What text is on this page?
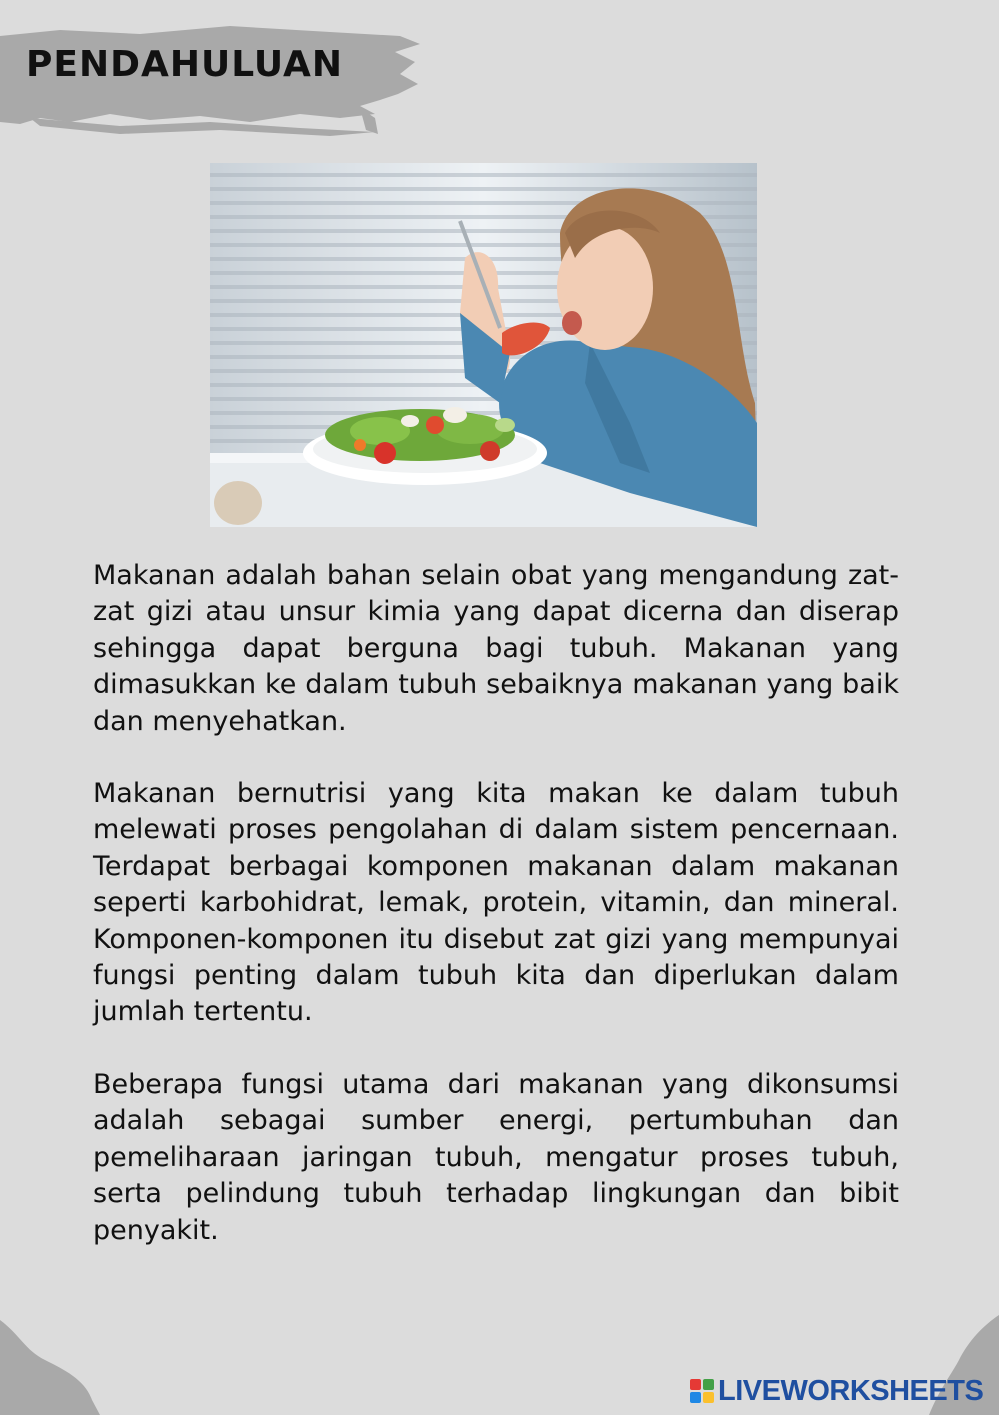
PENDAHULUAN

Makanan adalah bahan selain obat yang mengandung zat-zat gizi atau unsur kimia yang dapat dicerna dan diserap sehingga dapat berguna bagi tubuh. Makanan yang dimasukkan ke dalam tubuh sebaiknya makanan yang baik dan menyehatkan.

Makanan bernutrisi yang kita makan ke dalam tubuh melewati proses pengolahan di dalam sistem pencernaan. Terdapat berbagai komponen makanan dalam makanan seperti karbohidrat, lemak, protein, vitamin, dan mineral. Komponen-komponen itu disebut zat gizi yang mempunyai fungsi penting dalam tubuh kita dan diperlukan dalam jumlah tertentu.

Beberapa fungsi utama dari makanan yang dikonsumsi adalah sebagai sumber energi, pertumbuhan dan pemeliharaan jaringan tubuh, mengatur proses tubuh, serta pelindung tubuh terhadap lingkungan dan bibit penyakit.

LIVEWORKSHEETS
